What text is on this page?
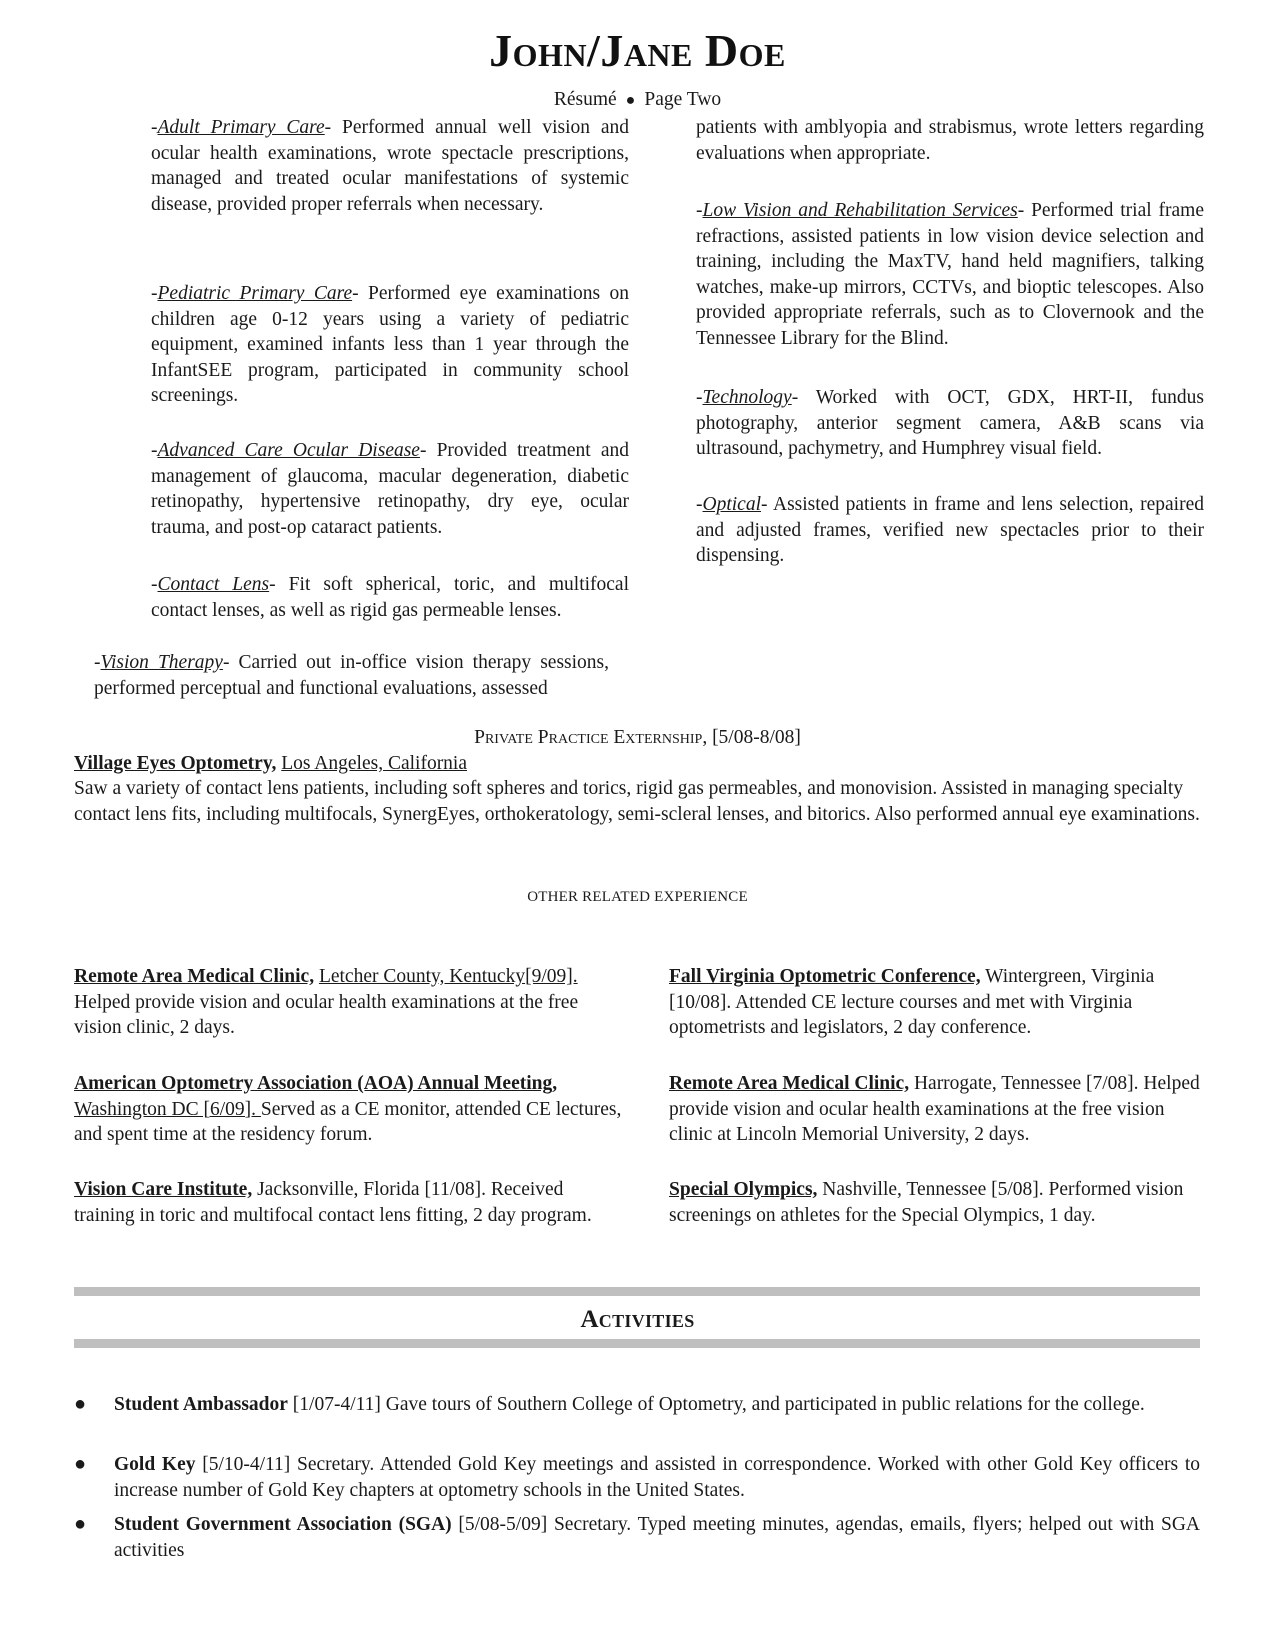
John/Jane Doe
Résumé ● Page Two
-Adult Primary Care- Performed annual well vision and ocular health examinations, wrote spectacle prescriptions, managed and treated ocular manifestations of systemic disease, provided proper referrals when necessary.
-Pediatric Primary Care- Performed eye examinations on children age 0-12 years using a variety of pediatric equipment, examined infants less than 1 year through the InfantSEE program, participated in community school screenings.
-Advanced Care Ocular Disease- Provided treatment and management of glaucoma, macular degeneration, diabetic retinopathy, hypertensive retinopathy, dry eye, ocular trauma, and post-op cataract patients.
-Contact Lens- Fit soft spherical, toric, and multifocal contact lenses, as well as rigid gas permeable lenses.
-Vision Therapy- Carried out in-office vision therapy sessions, performed perceptual and functional evaluations, assessed
patients with amblyopia and strabismus, wrote letters regarding evaluations when appropriate.
-Low Vision and Rehabilitation Services- Performed trial frame refractions, assisted patients in low vision device selection and training, including the MaxTV, hand held magnifiers, talking watches, make-up mirrors, CCTVs, and bioptic telescopes. Also provided appropriate referrals, such as to Clovernook and the Tennessee Library for the Blind.
-Technology- Worked with OCT, GDX, HRT-II, fundus photography, anterior segment camera, A&B scans via ultrasound, pachymetry, and Humphrey visual field.
-Optical- Assisted patients in frame and lens selection, repaired and adjusted frames, verified new spectacles prior to their dispensing.
Private Practice Externship, [5/08-8/08]
Village Eyes Optometry, Los Angeles, California
Saw a variety of contact lens patients, including soft spheres and torics, rigid gas permeables, and monovision. Assisted in managing specialty contact lens fits, including multifocals, SynergEyes, orthokeratology, semi-scleral lenses, and bitorics. Also performed annual eye examinations.
OTHER RELATED EXPERIENCE
Remote Area Medical Clinic, Letcher County, Kentucky[9/09]. Helped provide vision and ocular health examinations at the free vision clinic, 2 days.
American Optometry Association (AOA) Annual Meeting, Washington DC [6/09]. Served as a CE monitor, attended CE lectures, and spent time at the residency forum.
Vision Care Institute, Jacksonville, Florida [11/08]. Received training in toric and multifocal contact lens fitting, 2 day program.
Fall Virginia Optometric Conference, Wintergreen, Virginia [10/08]. Attended CE lecture courses and met with Virginia optometrists and legislators, 2 day conference.
Remote Area Medical Clinic, Harrogate, Tennessee [7/08]. Helped provide vision and ocular health examinations at the free vision clinic at Lincoln Memorial University, 2 days.
Special Olympics, Nashville, Tennessee [5/08]. Performed vision screenings on athletes for the Special Olympics, 1 day.
Activities
●	Student Ambassador [1/07-4/11] Gave tours of Southern College of Optometry, and participated in public relations for the college.
●	Gold Key [5/10-4/11] Secretary. Attended Gold Key meetings and assisted in correspondence. Worked with other Gold Key officers to increase number of Gold Key chapters at optometry schools in the United States.
●	Student Government Association (SGA) [5/08-5/09] Secretary. Typed meeting minutes, agendas, emails, flyers; helped out with SGA activities
